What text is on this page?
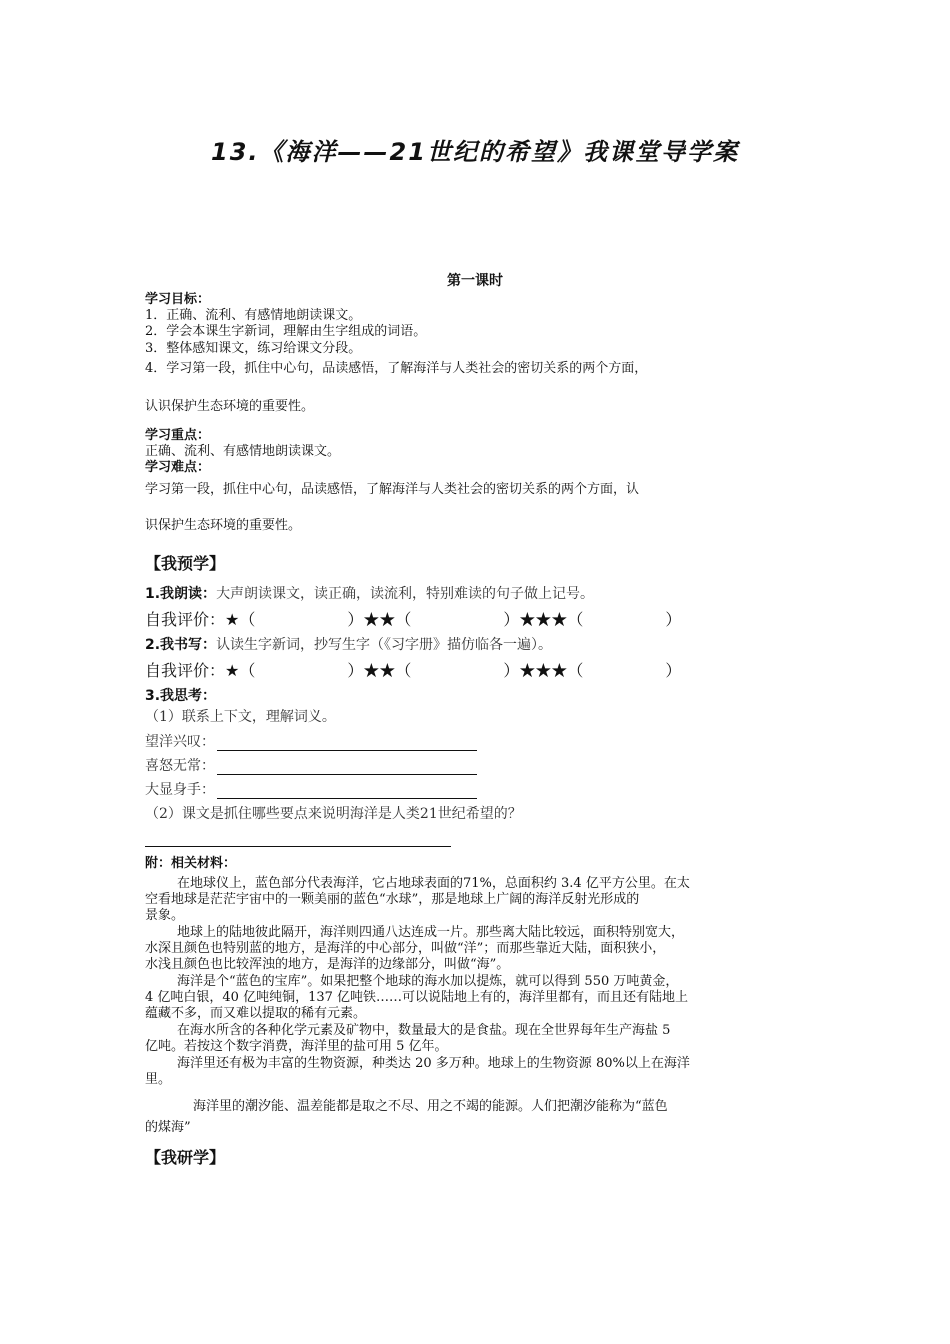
13.《海洋——21世纪的希望》我课堂导学案
第一课时
学习目标：
1．正确、流利、有感情地朗读课文。
2．学会本课生字新词，理解由生字组成的词语。
3．整体感知课文，练习给课文分段。
4．学习第一段，抓住中心句，品读感悟，了解海洋与人类社会的密切关系的两个方面，
认识保护生态环境的重要性。
学习重点：
正确、流利、有感情地朗读课文。
学习难点：
学习第一段，抓住中心句，品读感悟，了解海洋与人类社会的密切关系的两个方面，认
识保护生态环境的重要性。
【我预学】
1.我朗读：大声朗读课文，读正确，读流利，特别难读的句子做上记号。
自我评价：★（	）★★（	）★★★（	）
2.我书写：认读生字新词，抄写生字（《习字册》描仿临各一遍）。
自我评价：★（	）★★（	）★★★（	）
3.我思考：
（1）联系上下文，理解词义。
望洋兴叹：
喜怒无常：
大显身手：
（2）课文是抓住哪些要点来说明海洋是人类21世纪希望的？
附：相关材料：
在地球仪上，蓝色部分代表海洋，它占地球表面的71%，总面积约 3.4 亿平方公里。在太
空看地球是茫茫宇宙中的一颗美丽的蓝色“水球”，那是地球上广阔的海洋反射光形成的
景象。
地球上的陆地彼此隔开，海洋则四通八达连成一片。那些离大陆比较远，面积特别宽大，
水深且颜色也特别蓝的地方，是海洋的中心部分，叫做“洋”；而那些靠近大陆，面积狭小，
水浅且颜色也比较浑浊的地方，是海洋的边缘部分，叫做“海”。
海洋是个“蓝色的宝库”。如果把整个地球的海水加以提炼，就可以得到 550 万吨黄金，
4 亿吨白银，40 亿吨纯铜，137 亿吨铁……可以说陆地上有的，海洋里都有，而且还有陆地上
蕴藏不多，而又难以提取的稀有元素。
在海水所含的各种化学元素及矿物中，数量最大的是食盐。现在全世界每年生产海盐 5
亿吨。若按这个数字消费，海洋里的盐可用 5 亿年。
海洋里还有极为丰富的生物资源，种类达 20 多万种。地球上的生物资源 80%以上在海洋
里。
海洋里的潮汐能、温差能都是取之不尽、用之不竭的能源。人们把潮汐能称为“蓝色
的煤海”
【我研学】
